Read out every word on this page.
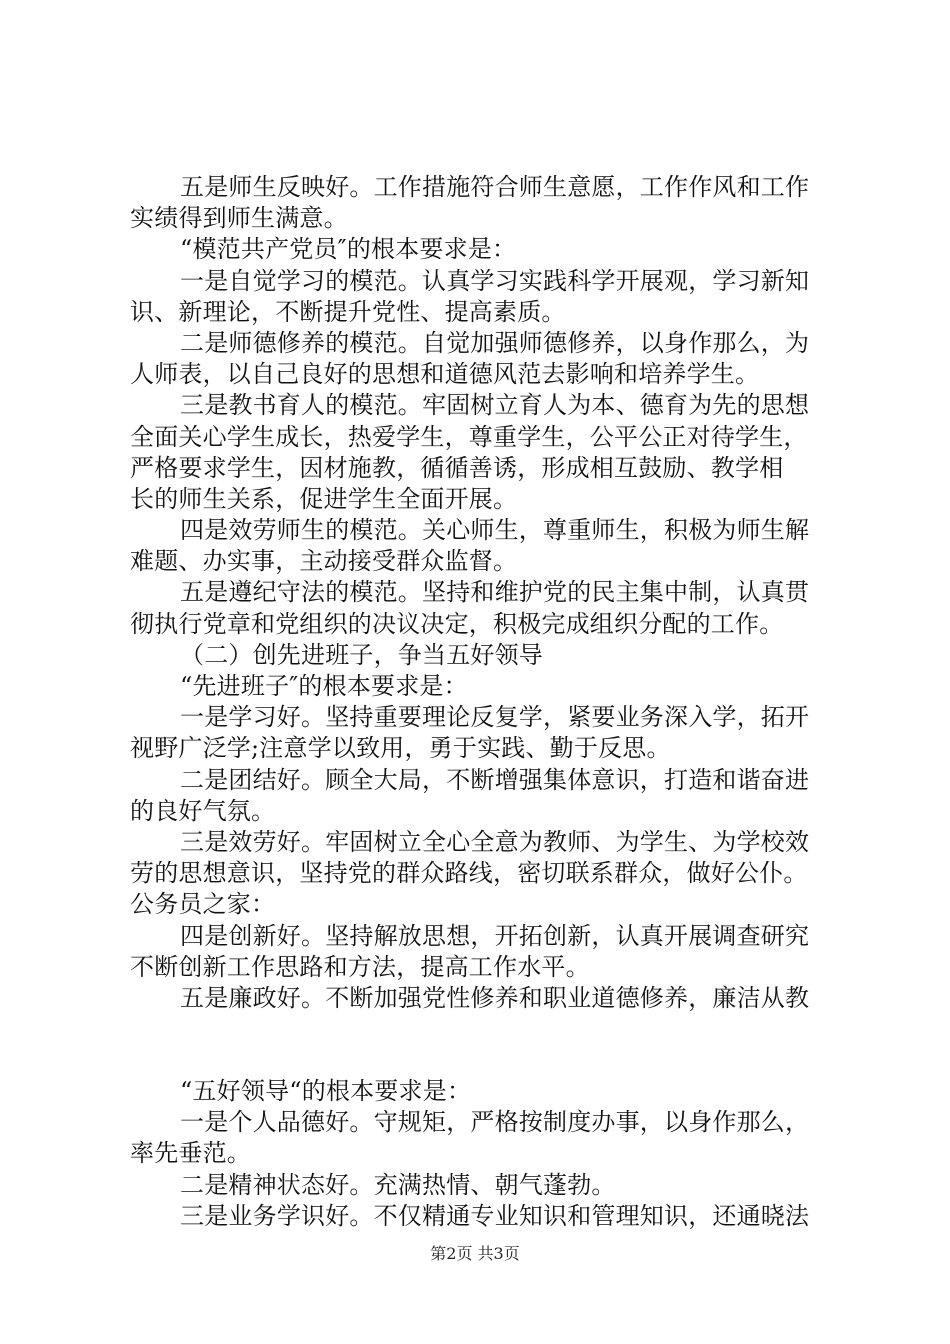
五是师生反映好。工作措施符合师生意愿，工作作风和工作
实绩得到师生满意。
“模范共产党员″的根本要求是：
一是自觉学习的模范。认真学习实践科学开展观，学习新知
识、新理论，不断提升党性、提高素质。
二是师德修养的模范。自觉加强师德修养，以身作那么，为
人师表，以自己良好的思想和道德风范去影响和培养学生。
三是教书育人的模范。牢固树立育人为本、德育为先的思想
全面关心学生成长，热爱学生，尊重学生，公平公正对待学生，
严格要求学生，因材施教，循循善诱，形成相互鼓励、教学相
长的师生关系，促进学生全面开展。
四是效劳师生的模范。关心师生，尊重师生，积极为师生解
难题、办实事，主动接受群众监督。
五是遵纪守法的模范。坚持和维护党的民主集中制，认真贯
彻执行党章和党组织的决议决定，积极完成组织分配的工作。
（二）创先进班子，争当五好领导
“先进班子″的根本要求是：
一是学习好。坚持重要理论反复学，紧要业务深入学，拓开
视野广泛学;注意学以致用，勇于实践、勤于反思。
二是团结好。顾全大局，不断增强集体意识，打造和谐奋进
的良好气氛。
三是效劳好。牢固树立全心全意为教师、为学生、为学校效
劳的思想意识，坚持党的群众路线，密切联系群众，做好公仆。
公务员之家：
四是创新好。坚持解放思想，开拓创新，认真开展调查研究
不断创新工作思路和方法，提高工作水平。
五是廉政好。不断加强党性修养和职业道德修养，廉洁从教
“五好领导“的根本要求是：
一是个人品德好。守规矩，严格按制度办事，以身作那么，
率先垂范。
二是精神状态好。充满热情、朝气蓬勃。
三是业务学识好。不仅精通专业知识和管理知识，还通晓法
第2页 共3页
